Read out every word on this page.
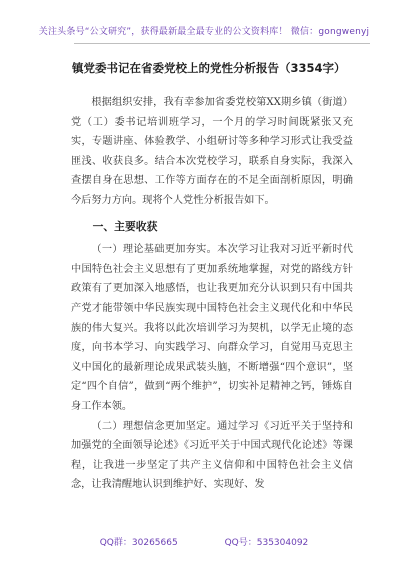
关注头条号“公文研究”，获得最新最全最专业的公文资料库！ 微信：gongwenyj
镇党委书记在省委党校上的党性分析报告（3354字）

根据组织安排，我有幸参加省委党校第XX期乡镇（街道）党（工）委书记培训班学习，一个月的学习时间既紧张又充实，专题讲座、体验教学、小组研讨等多种学习形式让我受益匪浅、收获良多。结合本次党校学习，联系自身实际，我深入查摆自身在思想、工作等方面存在的不足全面剖析原因，明确今后努力方向。现将个人党性分析报告如下。

一、主要收获

（一）理论基础更加夯实。本次学习让我对习近平新时代中国特色社会主义思想有了更加系统地掌握，对党的路线方针政策有了更加深入地感悟，也让我更加充分认识到只有中国共产党才能带领中华民族实现中国特色社会主义现代化和中华民族的伟大复兴。我将以此次培训学习为契机，以学无止境的态度，向书本学习、向实践学习、向群众学习，自觉用马克思主义中国化的最新理论成果武装头脑，不断增强“四个意识”，坚定“四个自信”，做到“两个维护”，切实补足精神之钙，锤炼自身工作本领。

（二）理想信念更加坚定。通过学习《习近平关于坚持和加强党的全面领导论述》《习近平关于中国式现代化论述》等课程，让我进一步坚定了共产主义信仰和中国特色社会主义信念，让我清醒地认识到维护好、实现好、发

QQ群：30265665	QQ号：535304092
